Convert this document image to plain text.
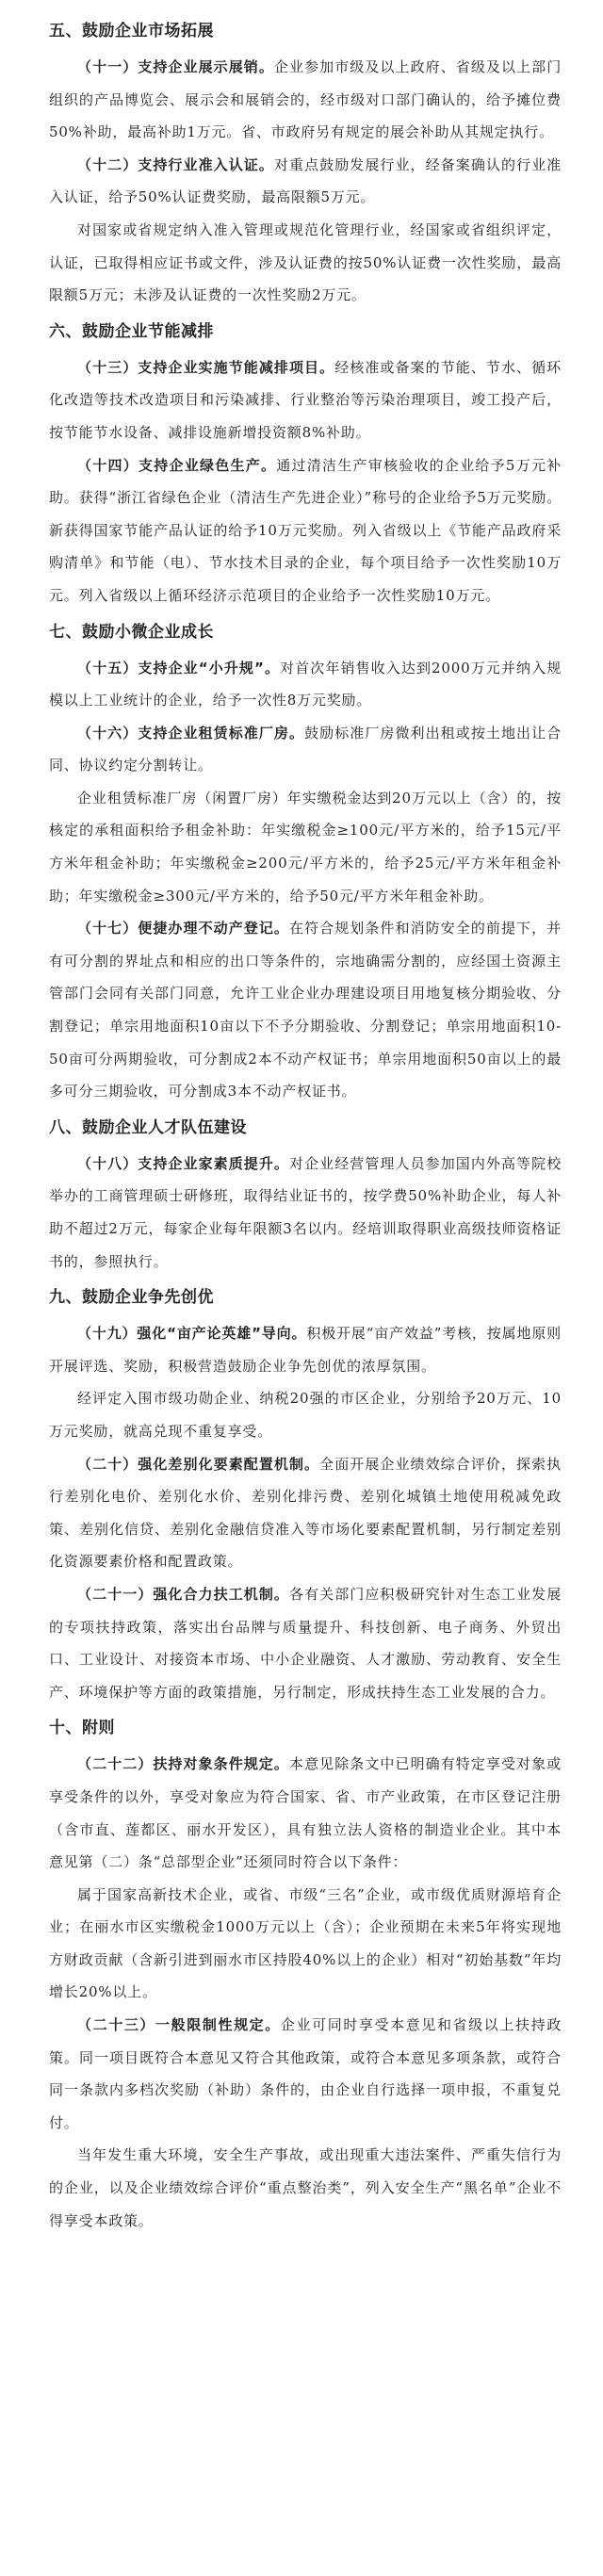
五、鼓励企业市场拓展

（十一）支持企业展示展销。企业参加市级及以上政府、省级及以上部门组织的产品博览会、展示会和展销会的，经市级对口部门确认的，给予摊位费50%补助，最高补助1万元。省、市政府另有规定的展会补助从其规定执行。

（十二）支持行业准入认证。对重点鼓励发展行业，经备案确认的行业准入认证，给予50%认证费奖励，最高限额5万元。

对国家或省规定纳入准入管理或规范化管理行业，经国家或省组织评定，认证，已取得相应证书或文件，涉及认证费的按50%认证费一次性奖励，最高限额5万元；未涉及认证费的一次性奖励2万元。

六、鼓励企业节能减排

（十三）支持企业实施节能减排项目。经核准或备案的节能、节水、循环化改造等技术改造项目和污染减排、行业整治等污染治理项目，竣工投产后，按节能节水设备、减排设施新增投资额8%补助。

（十四）支持企业绿色生产。通过清洁生产审核验收的企业给予5万元补助。获得“浙江省绿色企业（清洁生产先进企业）”称号的企业给予5万元奖励。新获得国家节能产品认证的给予10万元奖励。列入省级以上《节能产品政府采购清单》和节能（电）、节水技术目录的企业，每个项目给予一次性奖励10万元。列入省级以上循环经济示范项目的企业给予一次性奖励10万元。

七、鼓励小微企业成长

（十五）支持企业“小升规”。对首次年销售收入达到2000万元并纳入规模以上工业统计的企业，给予一次性8万元奖励。

（十六）支持企业租赁标准厂房。鼓励标准厂房微利出租或按土地出让合同、协议约定分割转让。

企业租赁标准厂房（闲置厂房）年实缴税金达到20万元以上（含）的，按核定的承租面积给予租金补助：年实缴税金≥100元/平方米的，给予15元/平方米年租金补助；年实缴税金≥200元/平方米的，给予25元/平方米年租金补助；年实缴税金≥300元/平方米的，给予50元/平方米年租金补助。

（十七）便捷办理不动产登记。在符合规划条件和消防安全的前提下，并有可分割的界址点和相应的出口等条件的，宗地确需分割的，应经国土资源主管部门会同有关部门同意，允许工业企业办理建设项目用地复核分期验收、分割登记；单宗用地面积10亩以下不予分期验收、分割登记；单宗用地面积10-50亩可分两期验收，可分割成2本不动产权证书；单宗用地面积50亩以上的最多可分三期验收，可分割成3本不动产权证书。

八、鼓励企业人才队伍建设

（十八）支持企业家素质提升。对企业经营管理人员参加国内外高等院校举办的工商管理硕士研修班，取得结业证书的，按学费50%补助企业，每人补助不超过2万元，每家企业每年限额3名以内。经培训取得职业高级技师资格证书的，参照执行。

九、鼓励企业争先创优

（十九）强化“亩产论英雄”导向。积极开展“亩产效益”考核，按属地原则开展评选、奖励，积极营造鼓励企业争先创优的浓厚氛围。

经评定入围市级功勋企业、纳税20强的市区企业，分别给予20万元、10万元奖励，就高兑现不重复享受。

（二十）强化差别化要素配置机制。全面开展企业绩效综合评价，探索执行差别化电价、差别化水价、差别化排污费、差别化城镇土地使用税减免政策、差别化信贷、差别化金融信贷准入等市场化要素配置机制，另行制定差别化资源要素价格和配置政策。

（二十一）强化合力扶工机制。各有关部门应积极研究针对生态工业发展的专项扶持政策，落实出台品牌与质量提升、科技创新、电子商务、外贸出口、工业设计、对接资本市场、中小企业融资、人才激励、劳动教育、安全生产、环境保护等方面的政策措施，另行制定，形成扶持生态工业发展的合力。

十、附则

（二十二）扶持对象条件规定。本意见除条文中已明确有特定享受对象或享受条件的以外，享受对象应为符合国家、省、市产业政策，在市区登记注册（含市直、莲都区、丽水开发区），具有独立法人资格的制造业企业。其中本意见第（二）条“总部型企业”还须同时符合以下条件：

属于国家高新技术企业，或省、市级“三名”企业，或市级优质财源培育企业；在丽水市区实缴税金1000万元以上（含）；企业预期在未来5年将实现地方财政贡献（含新引进到丽水市区持股40%以上的企业）相对“初始基数”年均增长20%以上。

（二十三）一般限制性规定。企业可同时享受本意见和省级以上扶持政策。同一项目既符合本意见又符合其他政策，或符合本意见多项条款，或符合同一条款内多档次奖励（补助）条件的，由企业自行选择一项申报，不重复兑付。

当年发生重大环境，安全生产事故，或出现重大违法案件、严重失信行为的企业，以及企业绩效综合评价“重点整治类”，列入安全生产“黑名单”企业不得享受本政策。
